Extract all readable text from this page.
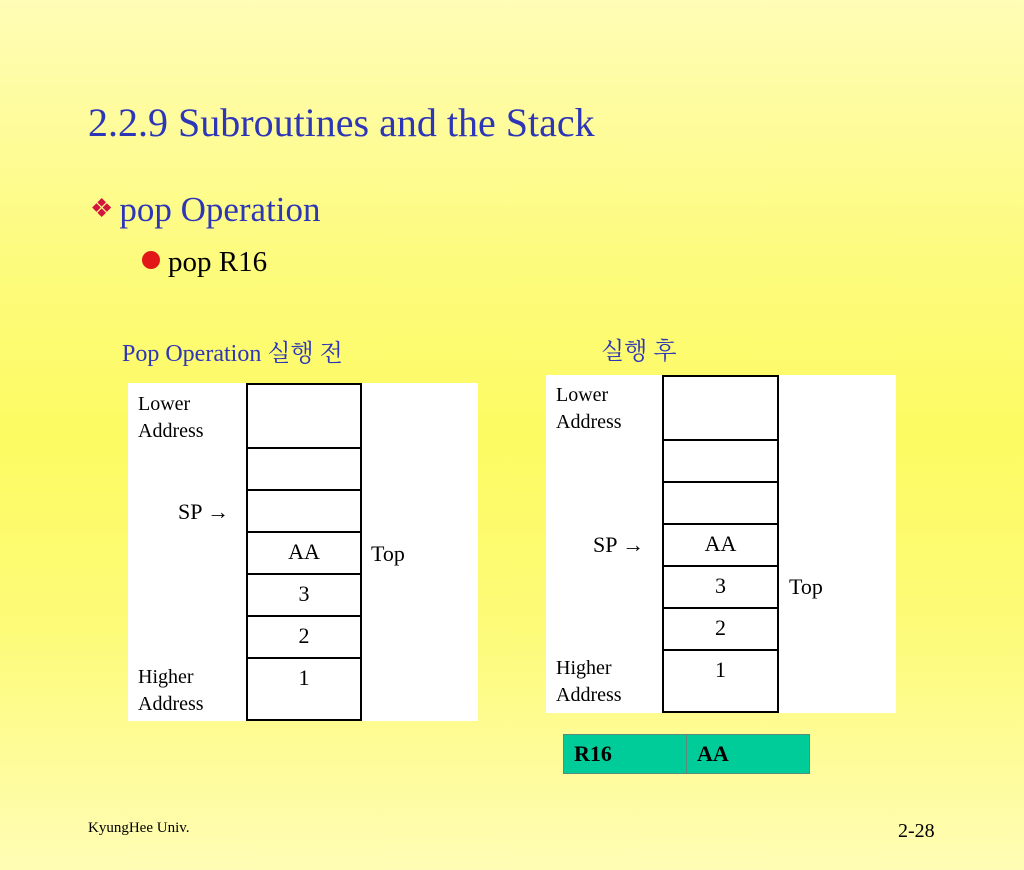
2.2.9 Subroutines and the Stack
❖ pop Operation
pop R16
Pop Operation 실행 전
Lower
Address
Higher
Address
SP →
Top
AA
3
2
1
실행 후
Lower
Address
Higher
Address
SP →
Top
AA
3
2
1
R16	AA
KyungHee Univ.	2-28
